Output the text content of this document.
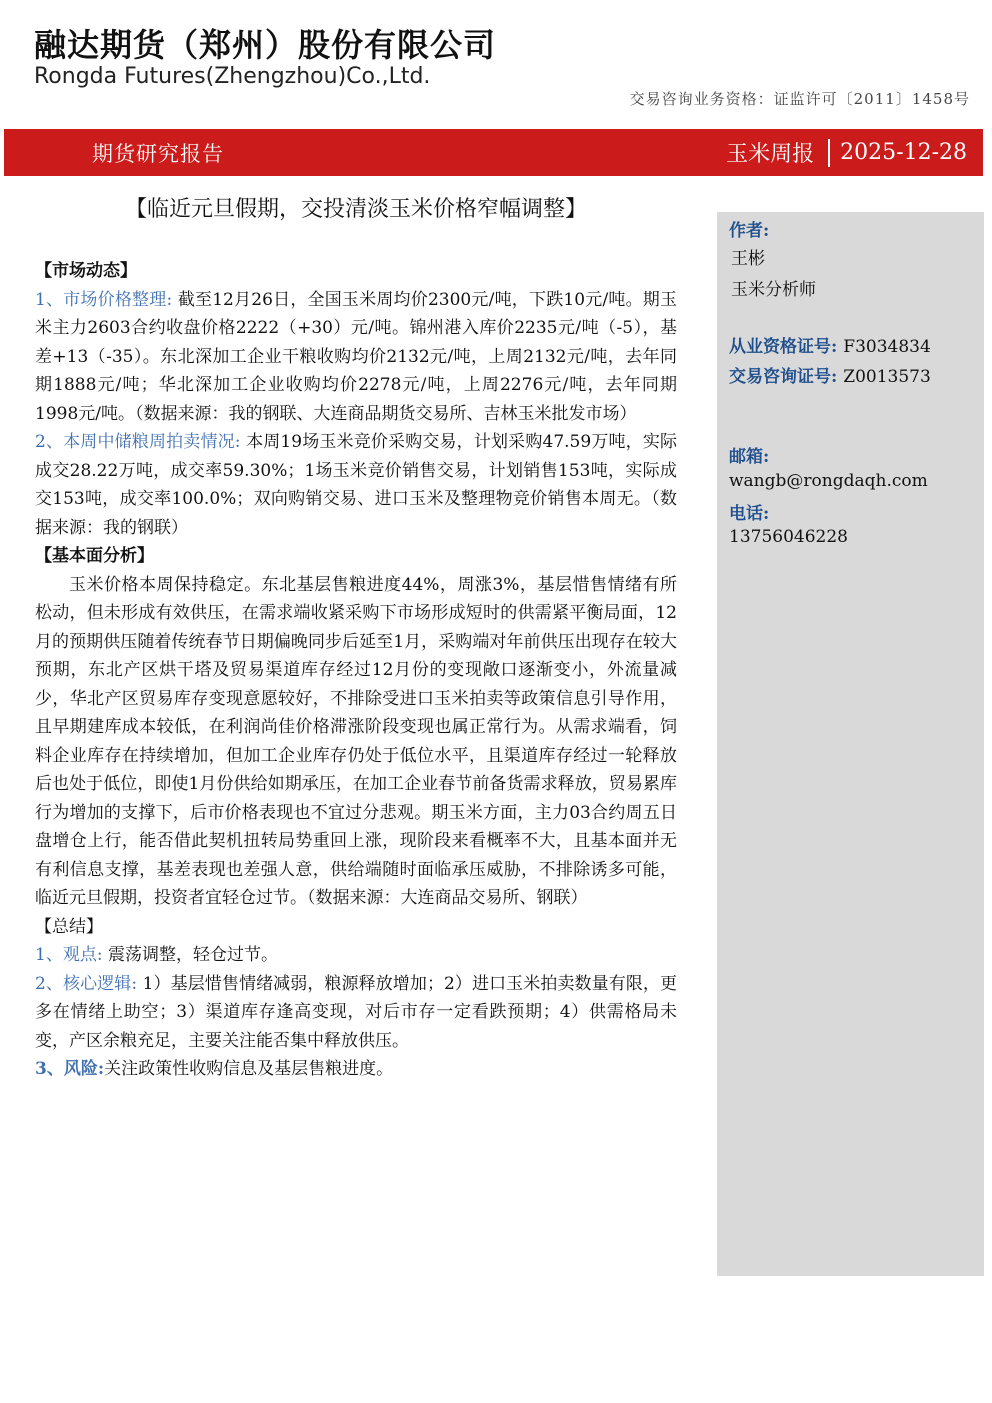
融达期货（郑州）股份有限公司
Rongda Futures(Zhengzhou)Co.,Ltd.
交易咨询业务资格：证监许可〔2011〕1458号
期货研究报告	玉米周报 2025-12-28
【临近元旦假期，交投清淡玉米价格窄幅调整】
作者:
王彬
玉米分析师
从业资格证号: F3034834
交易咨询证号: Z0013573
邮箱:
wangb@rongdaqh.com
电话:
13756046228

【市场动态】

1、市场价格整理: 截至12月26日，全国玉米周均价2300元/吨，下跌10元/吨。期玉米主力2603合约收盘价格2222（+30）元/吨。锦州港入库价2235元/吨（-5），基差+13（-35）。东北深加工企业干粮收购均价2132元/吨，上周2132元/吨，去年同期1888元/吨；华北深加工企业收购均价2278元/吨，上周2276元/吨，去年同期1998元/吨。（数据来源：我的钢联、大连商品期货交易所、吉林玉米批发市场）

2、本周中储粮周拍卖情况: 本周19场玉米竞价采购交易，计划采购47.59万吨，实际成交28.22万吨，成交率59.30%；1场玉米竞价销售交易，计划销售153吨，实际成交153吨，成交率100.0%；双向购销交易、进口玉米及整理物竞价销售本周无。（数据来源：我的钢联）

【基本面分析】

玉米价格本周保持稳定。东北基层售粮进度44%，周涨3%，基层惜售情绪有所松动，但未形成有效供压，在需求端收紧采购下市场形成短时的供需紧平衡局面，12月的预期供压随着传统春节日期偏晚同步后延至1月，采购端对年前供压出现存在较大预期，东北产区烘干塔及贸易渠道库存经过12月份的变现敞口逐渐变小，外流量减少，华北产区贸易库存变现意愿较好，不排除受进口玉米拍卖等政策信息引导作用，且早期建库成本较低，在利润尚佳价格滞涨阶段变现也属正常行为。从需求端看，饲料企业库存在持续增加，但加工企业库存仍处于低位水平，且渠道库存经过一轮释放后也处于低位，即使1月份供给如期承压，在加工企业春节前备货需求释放，贸易累库行为增加的支撑下，后市价格表现也不宜过分悲观。期玉米方面，主力03合约周五日盘增仓上行，能否借此契机扭转局势重回上涨，现阶段来看概率不大，且基本面并无有利信息支撑，基差表现也差强人意，供给端随时面临承压威胁，不排除诱多可能，临近元旦假期，投资者宜轻仓过节。（数据来源：大连商品交易所、钢联）

【总结】

1、观点: 震荡调整，轻仓过节。

2、核心逻辑: 1）基层惜售情绪减弱，粮源释放增加；2）进口玉米拍卖数量有限，更多在情绪上助空；3）渠道库存逢高变现，对后市存一定看跌预期；4）供需格局未变，产区余粮充足，主要关注能否集中释放供压。

3、风险:关注政策性收购信息及基层售粮进度。
